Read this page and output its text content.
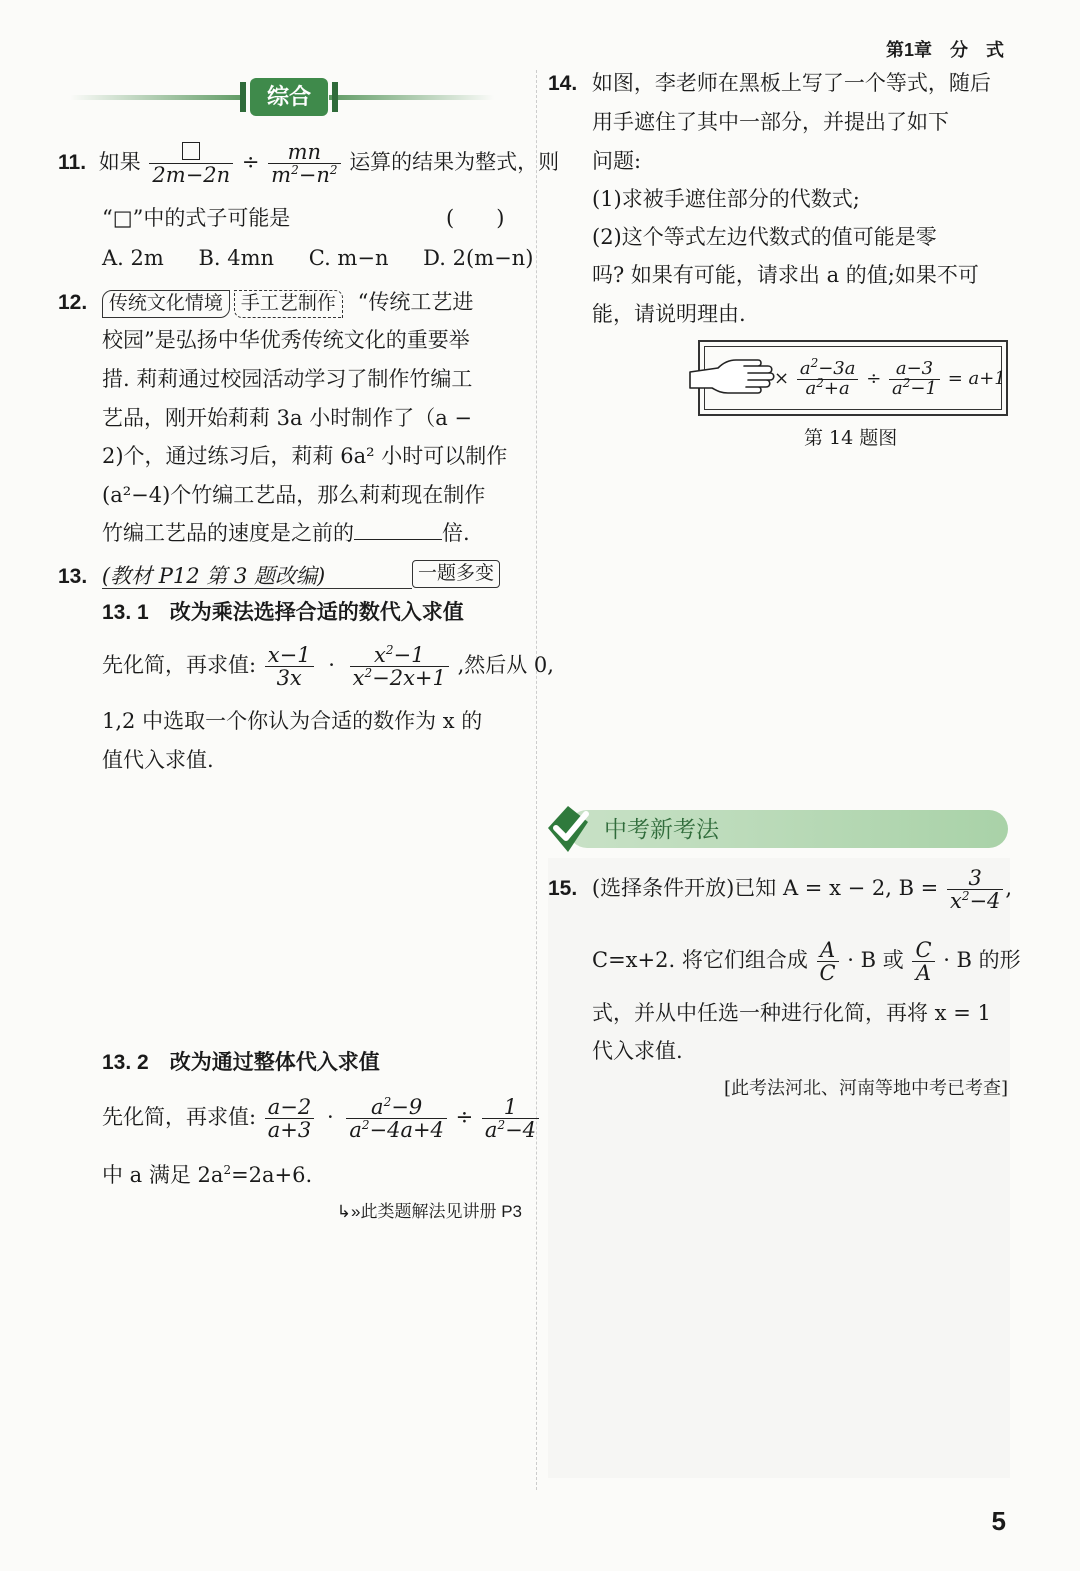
第1章　分　式
综合
11. 如果
2m−2n
÷ $\frac{mn}{m^2-n^2}$ 运算的结果为整式，则
“□”中的式子可能是	(　　)
A. 2m B. 4mn C. m−n D. 2(m−n)
12. 传统文化情境 手工艺制作 “传统工艺进
校园”是弘扬中华优秀传统文化的重要举
措. 莉莉通过校园活动学习了制作竹编工
艺品，刚开始莉莉 3a 小时制作了（a −
2)个，通过练习后，莉莉 6a² 小时可以制作
(a²−4)个竹编工艺品，那么莉莉现在制作
竹编工艺品的速度是之前的	倍.
13. (教材 P12 第 3 题改编)	一题多变
13. 1　改为乘法选择合适的数代入求值
先化简，再求值: $\frac{x-1}{3x} \cdot \frac{x^2-1}{x^2-2x+1}$ ,然后从 0,
1,2 中选取一个你认为合适的数作为 x 的
值代入求值.
13. 2　改为通过整体代入求值
先化简，再求值: $\frac{a-2}{a+3} \cdot \frac{a^2-9}{a^2-4a+4} \div \frac{1}{a^2-4}$
中 a 满足 $2a^2=2a+6$.
↳»此类题解法见讲册 P3
14. 如图，李老师在黑板上写了一个等式，随后
用手遮住了其中一部分，并提出了如下
问题:
(1)求被手遮住部分的代数式;
(2)这个等式左边代数式的值可能是零
吗? 如果有可能，请求出 a 的值;如果不可
能，请说明理由.
× $\frac{a^2-3a}{a^2+a} \div \frac{a-3}{a^2-1} = a+1$
第 14 题图
中考新考法
15. (选择条件开放)已知 A = x − 2, $B = \frac{3}{x^2-4}$ ,
C=x+2. 将它们组合成 $\frac{A}{C} \cdot B$ 或 $\frac{C}{A} \cdot B$ 的形
式，并从中任选一种进行化简，再将 x = 1
代入求值.
[此考法河北、河南等地中考已考查]
5
